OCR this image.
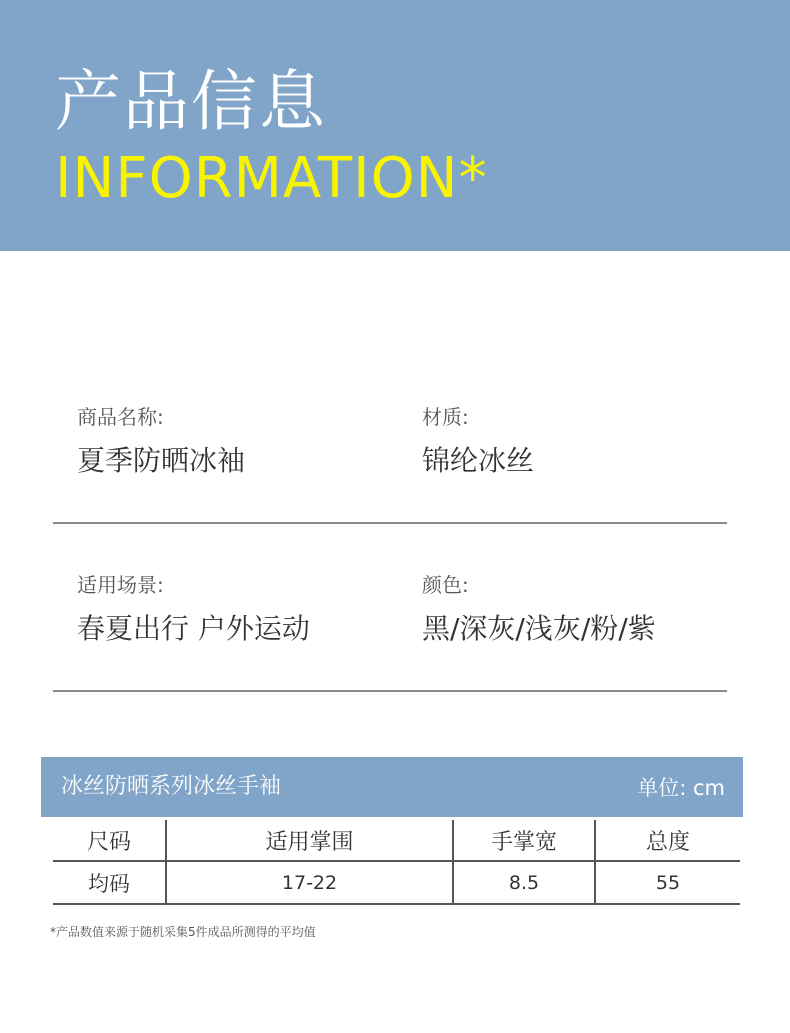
产品信息
INFORMATION*
商品名称:
夏季防晒冰袖
材质:
锦纶冰丝
适用场景:
春夏出行 户外运动
颜色:
黑/深灰/浅灰/粉/紫
冰丝防晒系列冰丝手袖	单位: cm
尺码	适用掌围	手掌宽	总度
均码	17-22	8.5	55
*产品数值来源于随机采集5件成品所测得的平均值
